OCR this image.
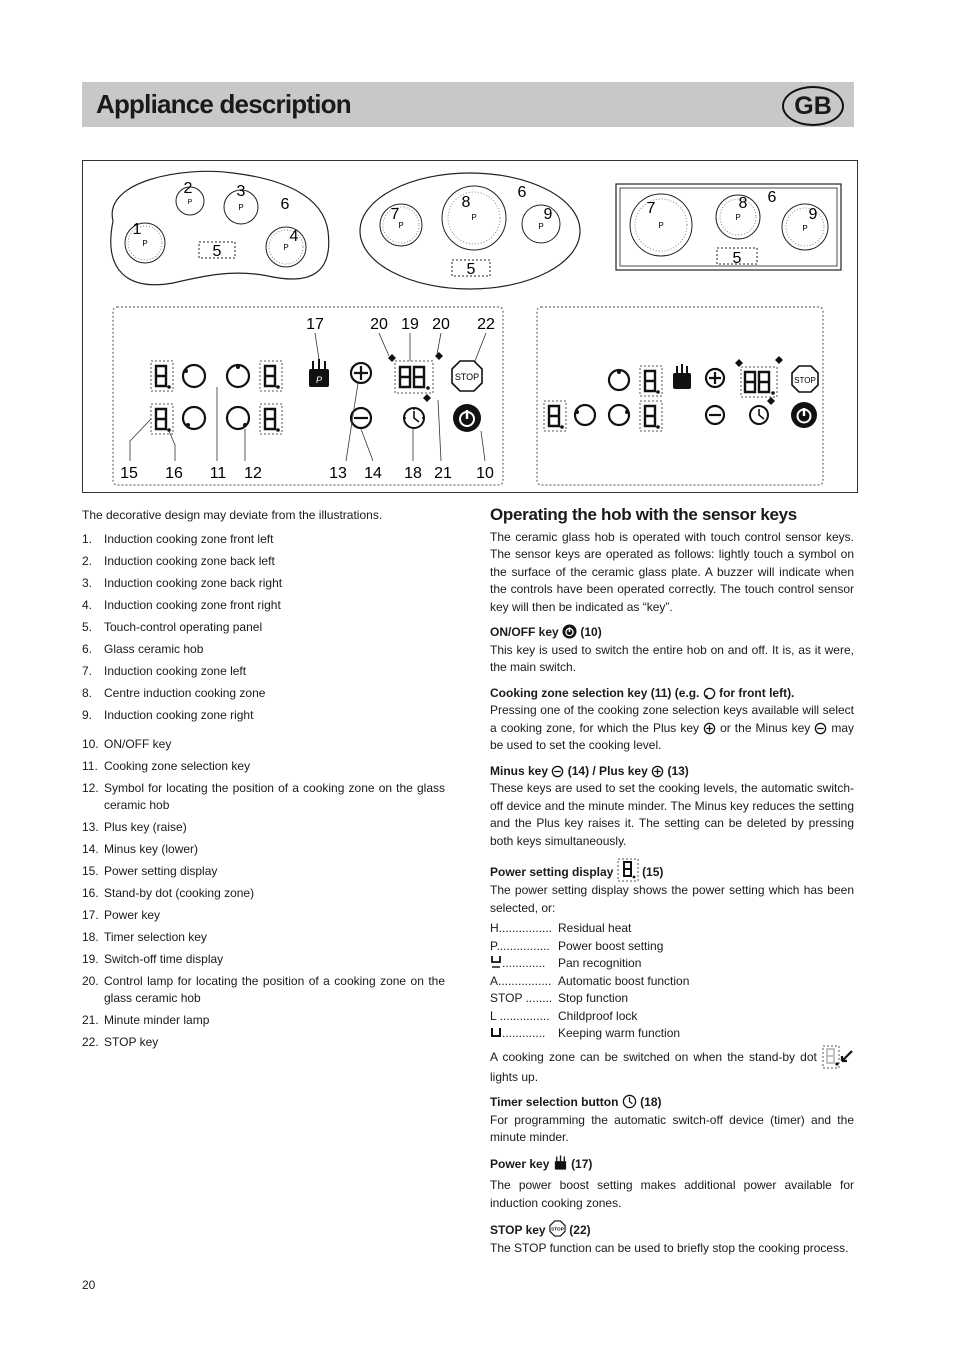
Appliance description	GB
P
P
P
P
1
2	3
4
5
6
P
P
P
7
8
9
5
6
P
P
P
7	8
9
5
6
17	20 19 20 22
P	STOP
15 16 11 12	13 14 18 21 10
STOP
The decorative design may deviate from the illustrations.
1. Induction cooking zone front left
2. Induction cooking zone back left
3. Induction cooking zone back right
4. Induction cooking zone front right
5. Touch-control operating panel
6. Glass ceramic hob
7. Induction cooking zone left
8. Centre induction cooking zone
9. Induction cooking zone right
10. ON/OFF key
11. Cooking zone selection key
12. Symbol for locating the position of a cooking zone on the glass ceramic hob
13. Plus key (raise)
14. Minus key (lower)
15. Power setting display
16. Stand-by dot (cooking zone)
17. Power key
18. Timer selection key
19. Switch-off time display
20. Control lamp for locating the position of a cooking zone on the glass ceramic hob
21. Minute minder lamp
22. STOP key
Operating the hob with the sensor keys

The ceramic glass hob is operated with touch control sensor keys. The sensor keys are operated as follows: lightly touch a symbol on the surface of the ceramic glass plate. A buzzer will indicate when the controls have been operated correctly. The touch control sensor key will then be indicated as “key”.

ON/OFF key (10)

This key is used to switch the entire hob on and off. It is, as it were, the main switch.

Cooking zone selection key (11) (e.g. for front left).

Pressing one of the cooking zone selection keys available will select a cooking zone, for which the Plus key or the Minus key may be used to set the cooking level.

Minus key (14) / Plus key (13)

These keys are used to set the cooking levels, the automatic switch-off device and the minute minder. The Minus key reduces the setting and the Plus key raises it. The setting can be deleted by pressing both keys simultaneously.

Power setting display (15)

The power setting display shows the power setting which has been selected, or:

H................ Residual heat
P................ Power boost setting
............. Pan recognition
A................ Automatic boost function
STOP ........ Stop function
L ............... Childproof lock
............. Keeping warm function

A cooking zone can be switched on when the stand-by dot  lights up.

Timer selection button (18)

For programming the automatic switch-off device (timer) and the minute minder.

Power key (17)

The power boost setting makes additional power available for induction cooking zones.

STOP key STOP (22)

The STOP function can be used to briefly stop the cooking process.

20
